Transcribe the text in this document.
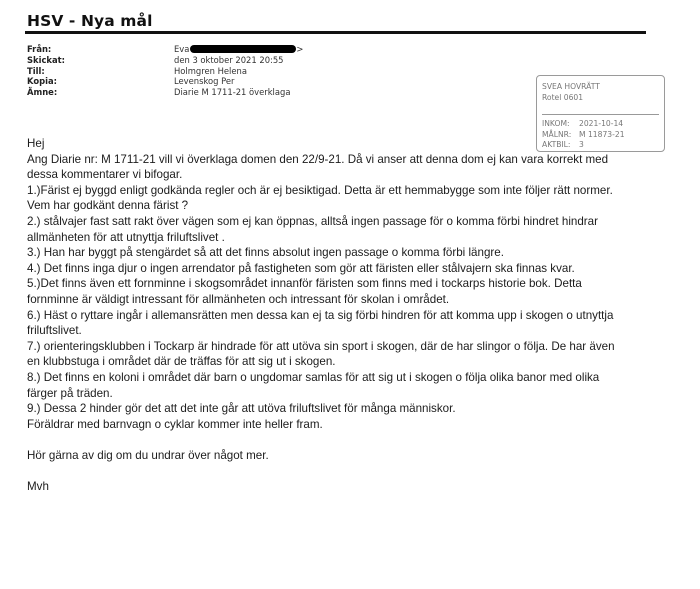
HSV - Nya mål
Från:	Eva	>
Skickat:	den 3 oktober 2021 20:55
Till:	Holmgren Helena
Kopia:	Levenskog Per
Ämne:	Diarie M 1711-21 överklaga
SVEA HOVRÄTT
Rotel 0601
INKOM: 2021-10-14
MÅLNR: M 11873-21
AKTBIL: 3
Hej
Ang Diarie nr: M 1711-21 vill vi överklaga domen den 22/9-21. Då vi anser att denna dom ej kan vara korrekt med
dessa kommentarer vi bifogar.
1.)Färist ej byggd enligt godkända regler och är ej besiktigad. Detta är ett hemmabygge som inte följer rätt normer.
Vem har godkänt denna färist ?
2.) stålvajer fast satt rakt över vägen som ej kan öppnas, alltså ingen passage för o komma förbi hindret hindrar
allmänheten för att utnyttja friluftslivet .
3.) Han har byggt på stengärdet så att det finns absolut ingen passage o komma förbi längre.
4.) Det finns inga djur o ingen arrendator på fastigheten som gör att färisten eller stålvajern ska finnas kvar.
5.)Det finns även ett fornminne i skogsområdet innanför färisten som finns med i tockarps historie bok. Detta
fornminne är väldigt intressant för allmänheten och intressant för skolan i området.
6.) Häst o ryttare ingår i allemansrätten men dessa kan ej ta sig förbi hindren för att komma upp i skogen o utnyttja
friluftslivet.
7.) orienteringsklubben i Tockarp är hindrade för att utöva sin sport i skogen, där de har slingor o följa. De har även
en klubbstuga i området där de träffas för att sig ut i skogen.
8.) Det finns en koloni i området där barn o ungdomar samlas för att sig ut i skogen o följa olika banor med olika
färger på träden.
9.) Dessa 2 hinder gör det att det inte går att utöva friluftslivet för många människor.
Föräldrar med barnvagn o cyklar kommer inte heller fram.
Hör gärna av dig om du undrar över något mer.
Mvh
